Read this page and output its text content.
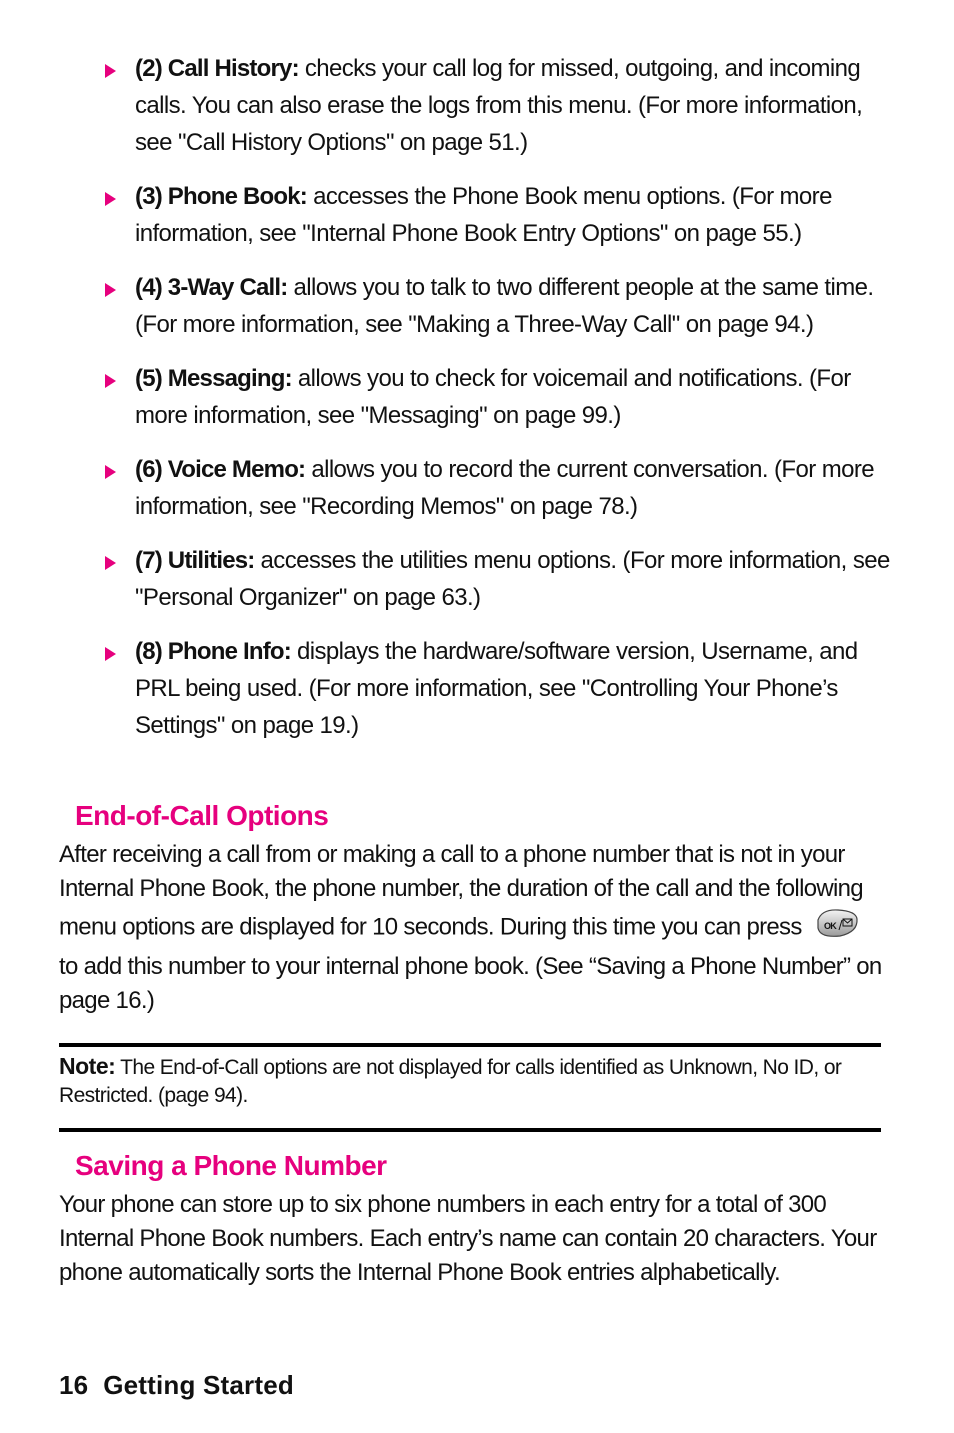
(2) Call History: checks your call log for missed, outgoing, and incoming calls. You can also erase the logs from this menu. (For more information, see "Call History Options" on page 51.)
(3) Phone Book: accesses the Phone Book menu options. (For more information, see "Internal Phone Book Entry Options" on page 55.)
(4) 3-Way Call: allows you to talk to two different people at the same time. (For more information, see "Making a Three-Way Call" on page 94.)
(5) Messaging: allows you to check for voicemail and notifications. (For more information, see "Messaging" on page 99.)
(6) Voice Memo: allows you to record the current conversation. (For more information, see "Recording Memos" on page 78.)
(7) Utilities: accesses the utilities menu options. (For more information, see "Personal Organizer" on page 63.)
(8) Phone Info: displays the hardware/software version, Username, and PRL being used. (For more information, see "Controlling Your Phone’s Settings" on page 19.)
End-of-Call Options
After receiving a call from or making a call to a phone number that is not in your Internal Phone Book, the phone number, the duration of the call and the following menu options are displayed for 10 seconds. During this time you can press OK
to add this number to your internal phone book. (See “Saving a Phone Number” on page 16.)
Note: The End-of-Call options are not displayed for calls identified as Unknown, No ID, or Restricted. (page 94).
Saving a Phone Number
Your phone can store up to six phone numbers in each entry for a total of 300 Internal Phone Book numbers. Each entry’s name can contain 20 characters. Your phone automatically sorts the Internal Phone Book entries alphabetically.
16 Getting Started
